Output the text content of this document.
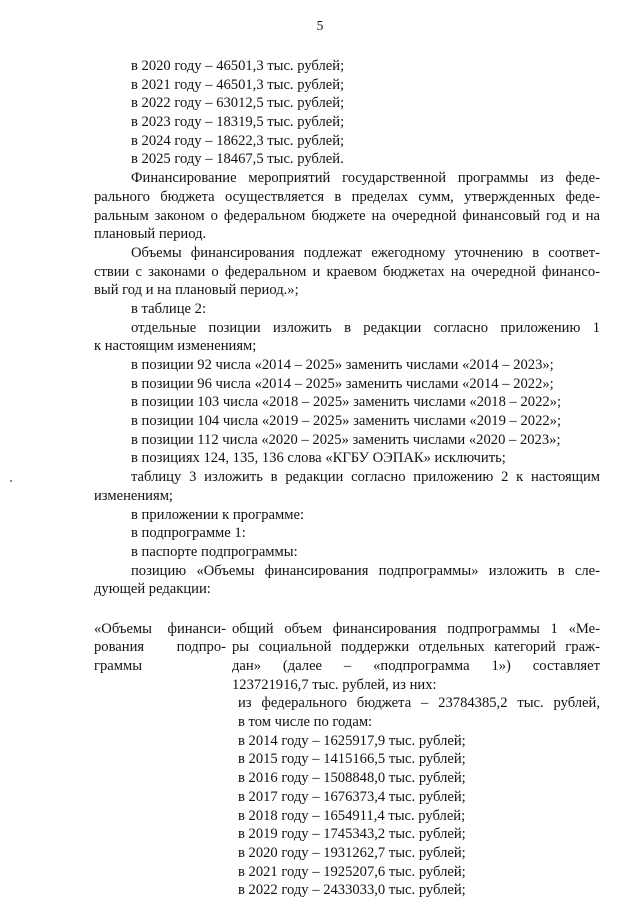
5
в 2020 году – 46501,3 тыс. рублей;
в 2021 году – 46501,3 тыс. рублей;
в 2022 году – 63012,5 тыс. рублей;
в 2023 году – 18319,5 тыс. рублей;
в 2024 году – 18622,3 тыс. рублей;
в 2025 году – 18467,5 тыс. рублей.
Финансирование мероприятий государственной программы из феде-
рального бюджета осуществляется в пределах сумм, утвержденных феде-
ральным законом о федеральном бюджете на очередной финансовый год и на
плановый период.
Объемы финансирования подлежат ежегодному уточнению в соответ-
ствии с законами о федеральном и краевом бюджетах на очередной финансо-
вый год и на плановый период.»;
в таблице 2:
отдельные позиции изложить в редакции согласно приложению 1
к настоящим изменениям;
в позиции 92 числа «2014 – 2025» заменить числами «2014 – 2023»;
в позиции 96 числа «2014 – 2025» заменить числами «2014 – 2022»;
в позиции 103 числа «2018 – 2025» заменить числами «2018 – 2022»;
в позиции 104 числа «2019 – 2025» заменить числами «2019 – 2022»;
в позиции 112 числа «2020 – 2025» заменить числами «2020 – 2023»;
в позициях 124, 135, 136 слова «КГБУ ОЭПАК» исключить;
таблицу 3 изложить в редакции согласно приложению 2 к настоящим
изменениям;
в приложении к программе:
в подпрограмме 1:
в паспорте подпрограммы:
позицию «Объемы финансирования подпрограммы» изложить в сле-
дующей редакции:
«Объемы финанси-
рования подпро-
граммы
общий объем финансирования подпрограммы 1 «Ме-
ры социальной поддержки отдельных категорий граж-
дан» (далее – «подпрограмма 1») составляет
123721916,7 тыс. рублей, из них:
из федерального бюджета – 23784385,2 тыс. рублей,
в том числе по годам:
в 2014 году – 1625917,9 тыс. рублей;
в 2015 году – 1415166,5 тыс. рублей;
в 2016 году – 1508848,0 тыс. рублей;
в 2017 году – 1676373,4 тыс. рублей;
в 2018 году – 1654911,4 тыс. рублей;
в 2019 году – 1745343,2 тыс. рублей;
в 2020 году – 1931262,7 тыс. рублей;
в 2021 году – 1925207,6 тыс. рублей;
в 2022 году – 2433033,0 тыс. рублей;
